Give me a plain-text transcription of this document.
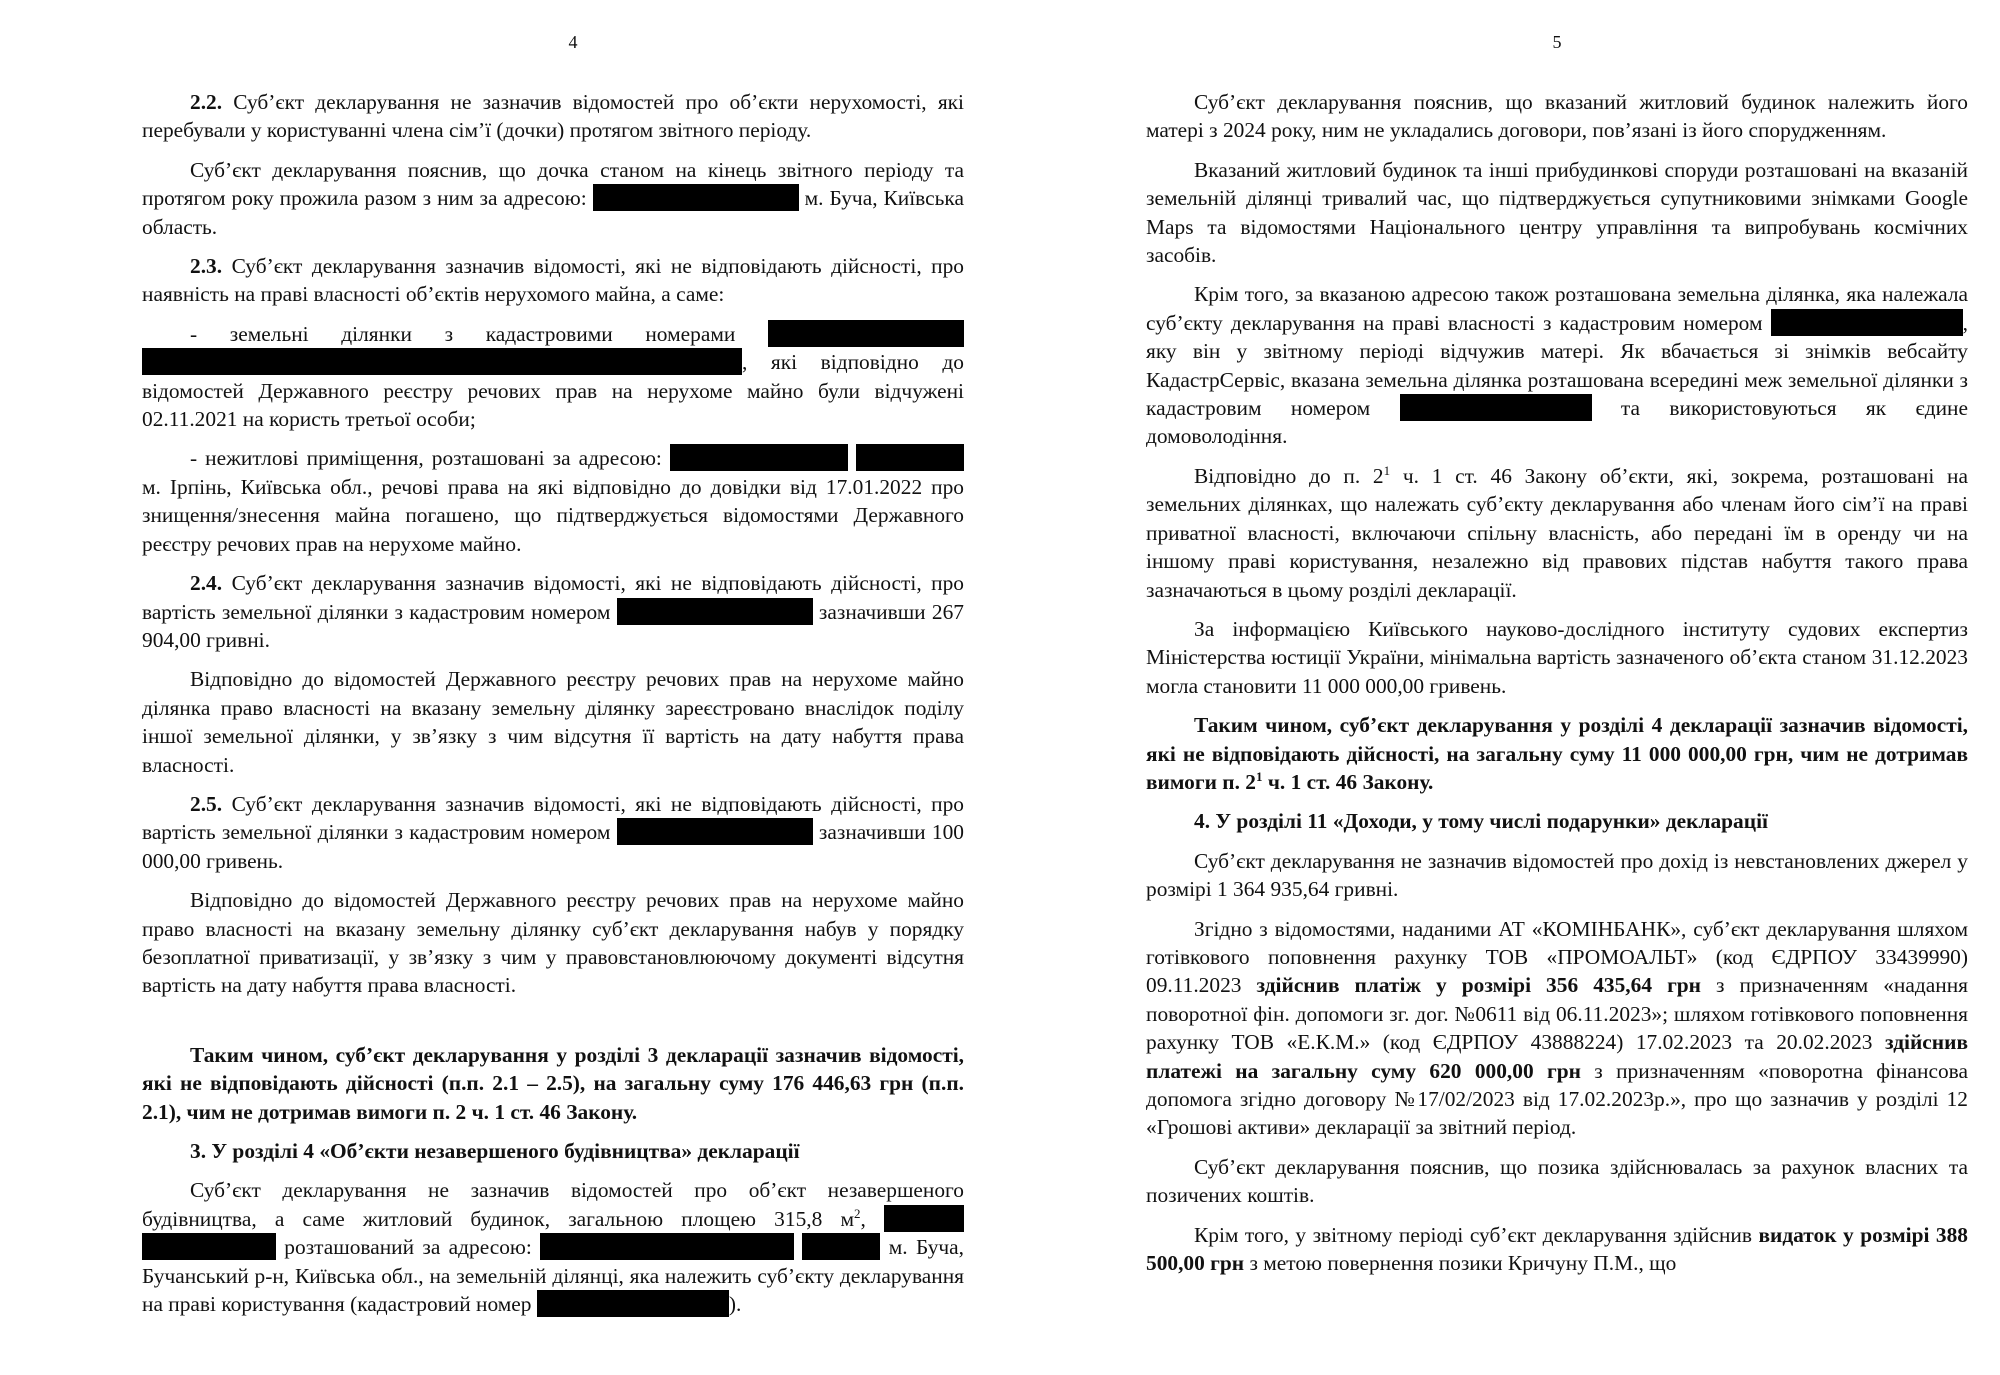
4

2.2. Суб’єкт декларування не зазначив відомостей про об’єкти нерухомості, які перебували у користуванні члена сім’ї (дочки) протягом звітного періоду.

Суб’єкт декларування пояснив, що дочка станом на кінець звітного періоду та протягом року прожила разом з ним за адресою:	м. Буча, Київська область.

2.3. Суб’єкт декларування зазначив відомості, які не відповідають дійсності, про наявність на праві власності об’єктів нерухомого майна, а саме:

- земельні ділянки з кадастровими номерами  , які відповідно до відомостей Державного реєстру речових прав на нерухоме майно були відчужені 02.11.2021 на користь третьої особи;

- нежитлові приміщення, розташовані за адресою:   м. Ірпінь, Київська обл., речові права на які відповідно до довідки від 17.01.2022 про знищення/знесення майна погашено, що підтверджується відомостями Державного реєстру речових прав на нерухоме майно.

2.4. Суб’єкт декларування зазначив відомості, які не відповідають дійсності, про вартість земельної ділянки з кадастровим номером	зазначивши 267 904,00 гривні.

Відповідно до відомостей Державного реєстру речових прав на нерухоме майно ділянка право власності на вказану земельну ділянку зареєстровано внаслідок поділу іншої земельної ділянки, у зв’язку з чим відсутня її вартість на дату набуття права власності.

2.5. Суб’єкт декларування зазначив відомості, які не відповідають дійсності, про вартість земельної ділянки з кадастровим номером	зазначивши 100 000,00 гривень.

Відповідно до відомостей Державного реєстру речових прав на нерухоме майно право власності на вказану земельну ділянку суб’єкт декларування набув у порядку безоплатної приватизації, у зв’язку з чим у правовстановлюючому документі відсутня вартість на дату набуття права власності.

Таким чином, суб’єкт декларування у розділі 3 декларації зазначив відомості, які не відповідають дійсності (п.п. 2.1 – 2.5), на загальну суму 176 446,63 грн (п.п. 2.1), чим не дотримав вимоги п. 2 ч. 1 ст. 46 Закону.

3. У розділі 4 «Об’єкти незавершеного будівництва» декларації

Суб’єкт декларування не зазначив відомостей про об’єкт незавершеного будівництва, а саме житловий будинок, загальною площею 315,8 $м^2$,   розташований за адресою:	м. Буча, Бучанський р-н, Київська обл., на земельній ділянці, яка належить суб’єкту декларування на праві користування (кадастровий номер	).

5

Суб’єкт декларування пояснив, що вказаний житловий будинок належить його матері з 2024 року, ним не укладались договори, пов’язані із його спорудженням.

Вказаний житловий будинок та інші прибудинкові споруди розташовані на вказаній земельній ділянці тривалий час, що підтверджується супутниковими знімками Google Maps та відомостями Національного центру управління та випробувань космічних засобів.

Крім того, за вказаною адресою також розташована земельна ділянка, яка належала суб’єкту декларування на праві власності з кадастровим номером	, яку він у звітному періоді відчужив матері. Як вбачається зі знімків вебсайту КадастрСервіс, вказана земельна ділянка розташована всередині меж земельної ділянки з кадастровим номером	та використовуються як єдине домоволодіння.

Відповідно до п. $2^1$ ч. 1 ст. 46 Закону об’єкти, які, зокрема, розташовані на земельних ділянках, що належать суб’єкту декларування або членам його сім’ї на праві приватної власності, включаючи спільну власність, або передані їм в оренду чи на іншому праві користування, незалежно від правових підстав набуття такого права зазначаються в цьому розділі декларації.

За інформацією Київського науково-дослідного інституту судових експертиз Міністерства юстиції України, мінімальна вартість зазначеного об’єкта станом 31.12.2023 могла становити 11 000 000,00 гривень.

Таким чином, суб’єкт декларування у розділі 4 декларації зазначив відомості, які не відповідають дійсності, на загальну суму 11 000 000,00 грн, чим не дотримав вимоги п. $2^1$ ч. 1 ст. 46 Закону.

4. У розділі 11 «Доходи, у тому числі подарунки» декларації

Суб’єкт декларування не зазначив відомостей про дохід із невстановлених джерел у розмірі 1 364 935,64 гривні.

Згідно з відомостями, наданими АТ «КОМІНБАНК», суб’єкт декларування шляхом готівкового поповнення рахунку ТОВ «ПРОМОАЛЬТ» (код ЄДРПОУ 33439990) 09.11.2023 здійснив платіж у розмірі 356 435,64 грн з призначенням «надання поворотної фін. допомоги зг. дог. №0611 від 06.11.2023»; шляхом готівкового поповнення рахунку ТОВ «Е.К.М.» (код ЄДРПОУ 43888224) 17.02.2023 та 20.02.2023 здійснив платежі на загальну суму 620 000,00 грн з призначенням «поворотна фінансова допомога згідно договору №17/02/2023 від 17.02.2023р.», про що зазначив у розділі 12 «Грошові активи» декларації за звітний період.

Суб’єкт декларування пояснив, що позика здійснювалась за рахунок власних та позичених коштів.

Крім того, у звітному періоді суб’єкт декларування здійснив видаток у розмірі 388 500,00 грн з метою повернення позики Кричуну П.М., що
